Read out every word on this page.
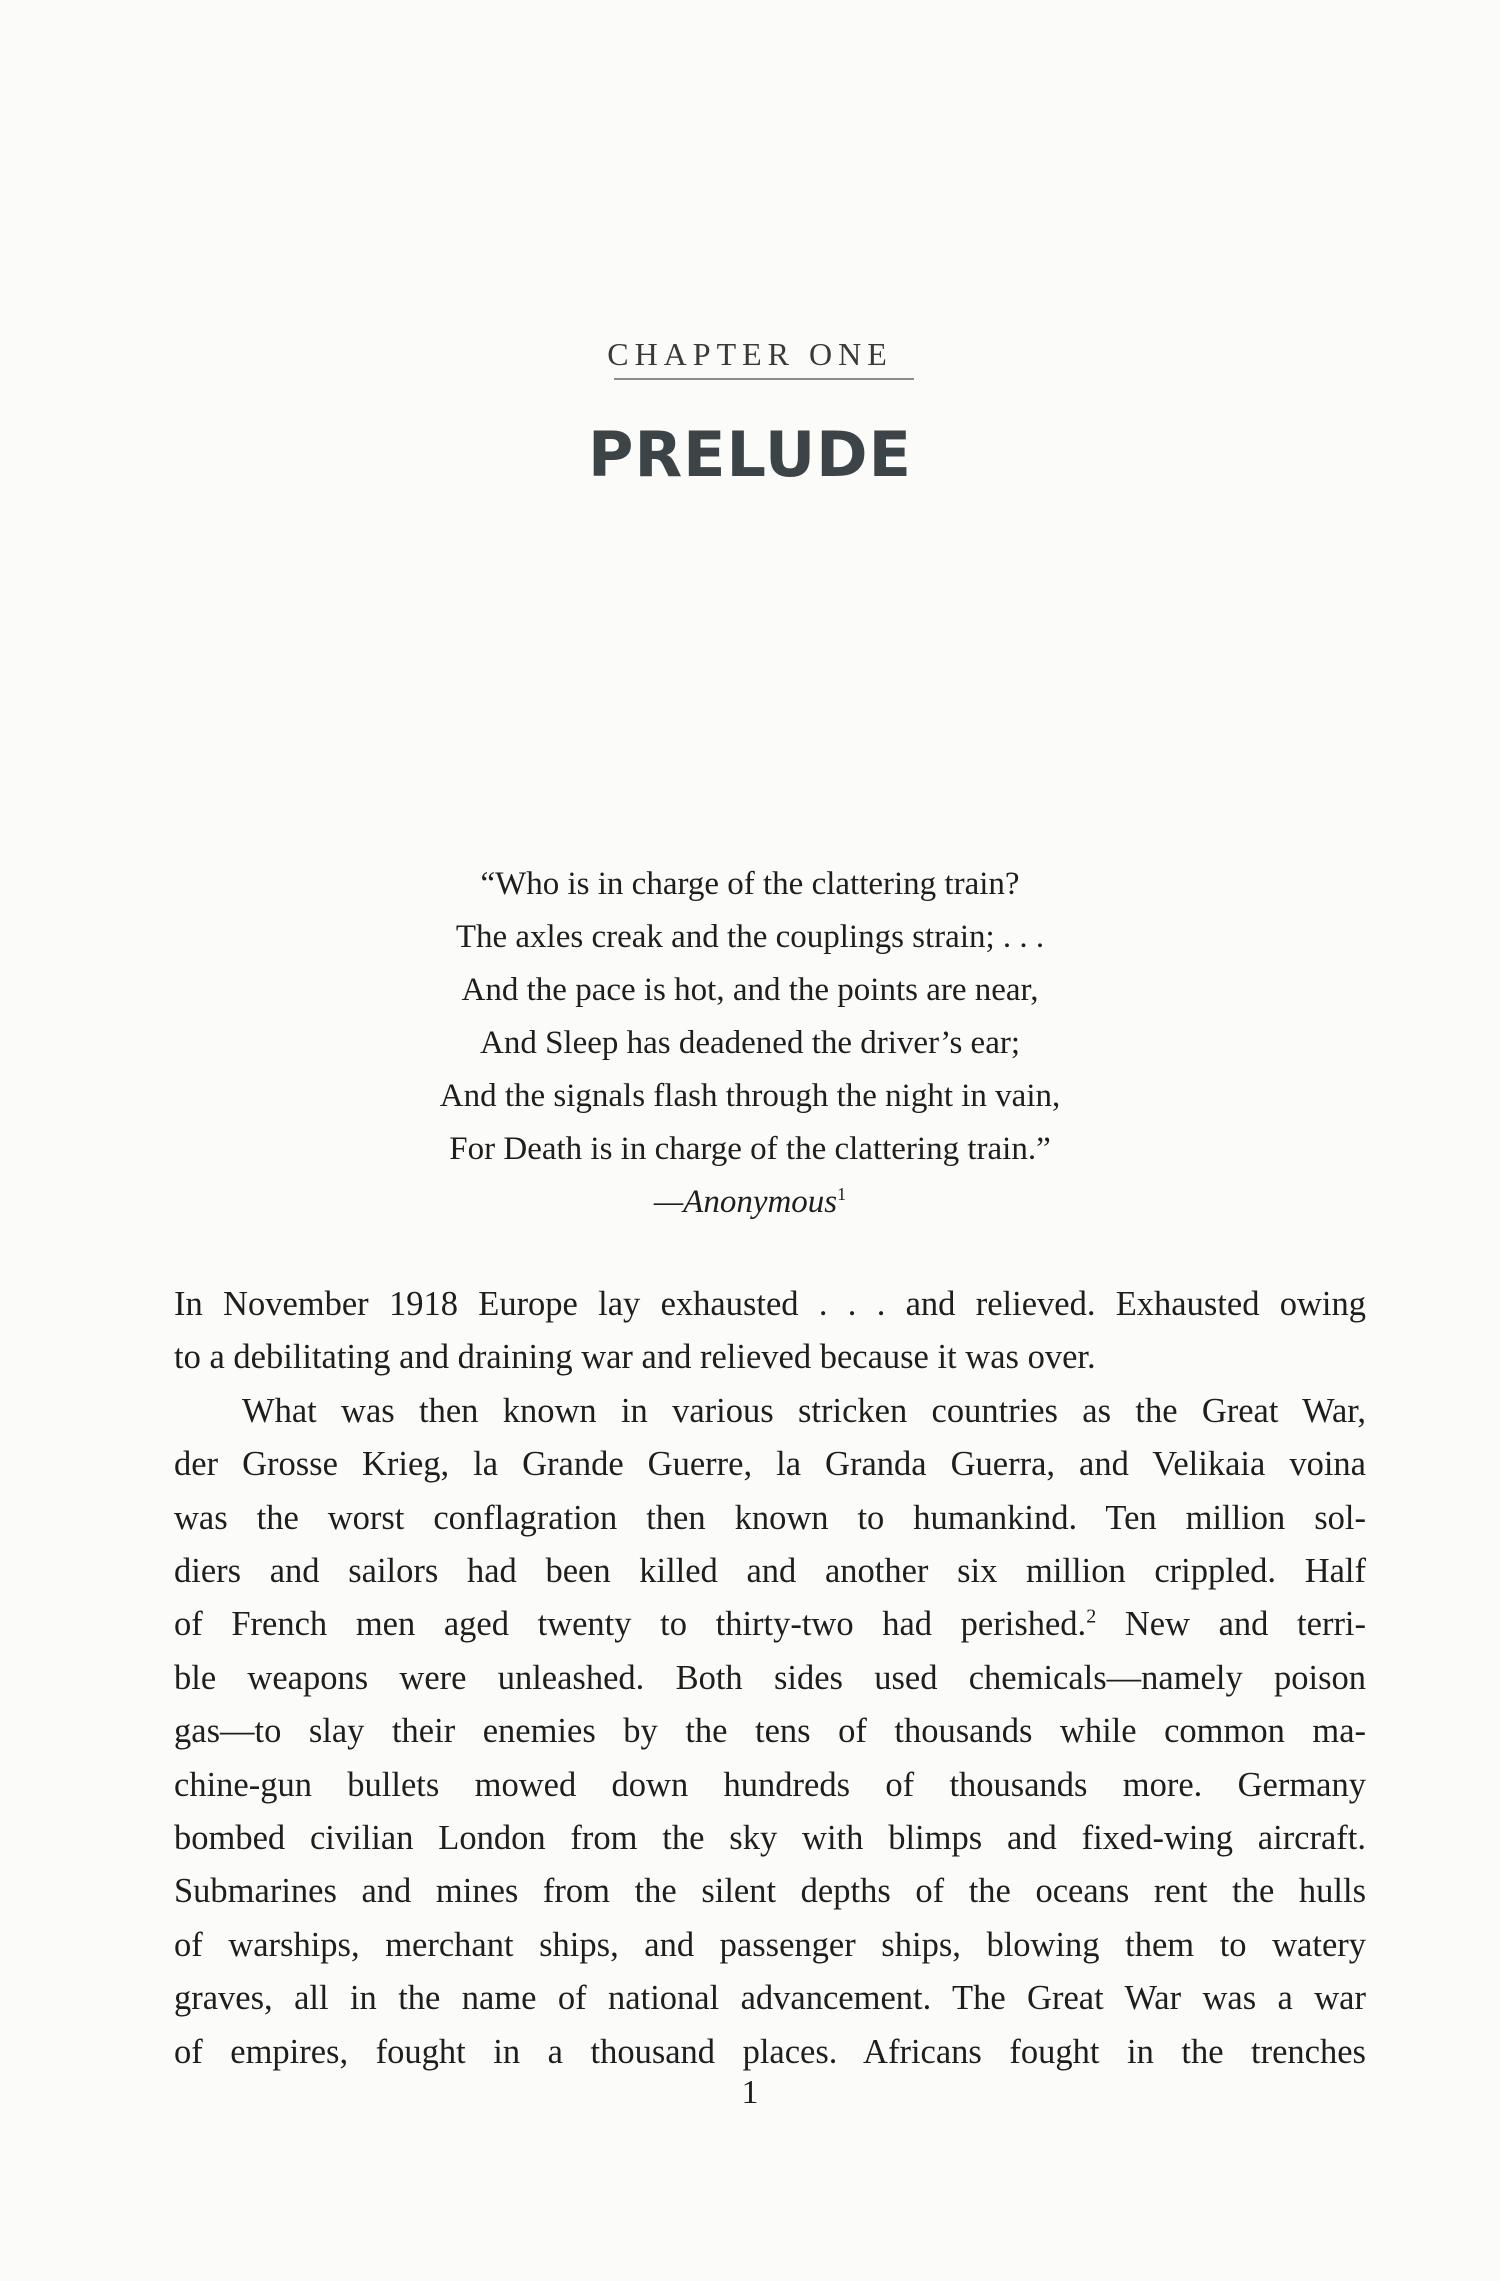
CHAPTER ONE
PRELUDE
“Who is in charge of the clattering train?
The axles creak and the couplings strain; . . .
And the pace is hot, and the points are near,
And Sleep has deadened the driver’s ear;
And the signals flash through the night in vain,
For Death is in charge of the clattering train.”
—Anonymous$^1$
In November 1918 Europe lay exhausted . . . and relieved. Exhausted owing
to a debilitating and draining war and relieved because it was over.
What was then known in various stricken countries as the Great War,
der Grosse Krieg, la Grande Guerre, la Granda Guerra, and Velikaia voina
was the worst conflagration then known to humankind. Ten million sol-
diers and sailors had been killed and another six million crippled. Half
of French men aged twenty to thirty-two had perished.$^2$ New and terri-
ble weapons were unleashed. Both sides used chemicals—namely poison
gas—to slay their enemies by the tens of thousands while common ma-
chine-gun bullets mowed down hundreds of thousands more. Germany
bombed civilian London from the sky with blimps and fixed-wing aircraft.
Submarines and mines from the silent depths of the oceans rent the hulls
of warships, merchant ships, and passenger ships, blowing them to watery
graves, all in the name of national advancement. The Great War was a war
of empires, fought in a thousand places. Africans fought in the trenches
1
